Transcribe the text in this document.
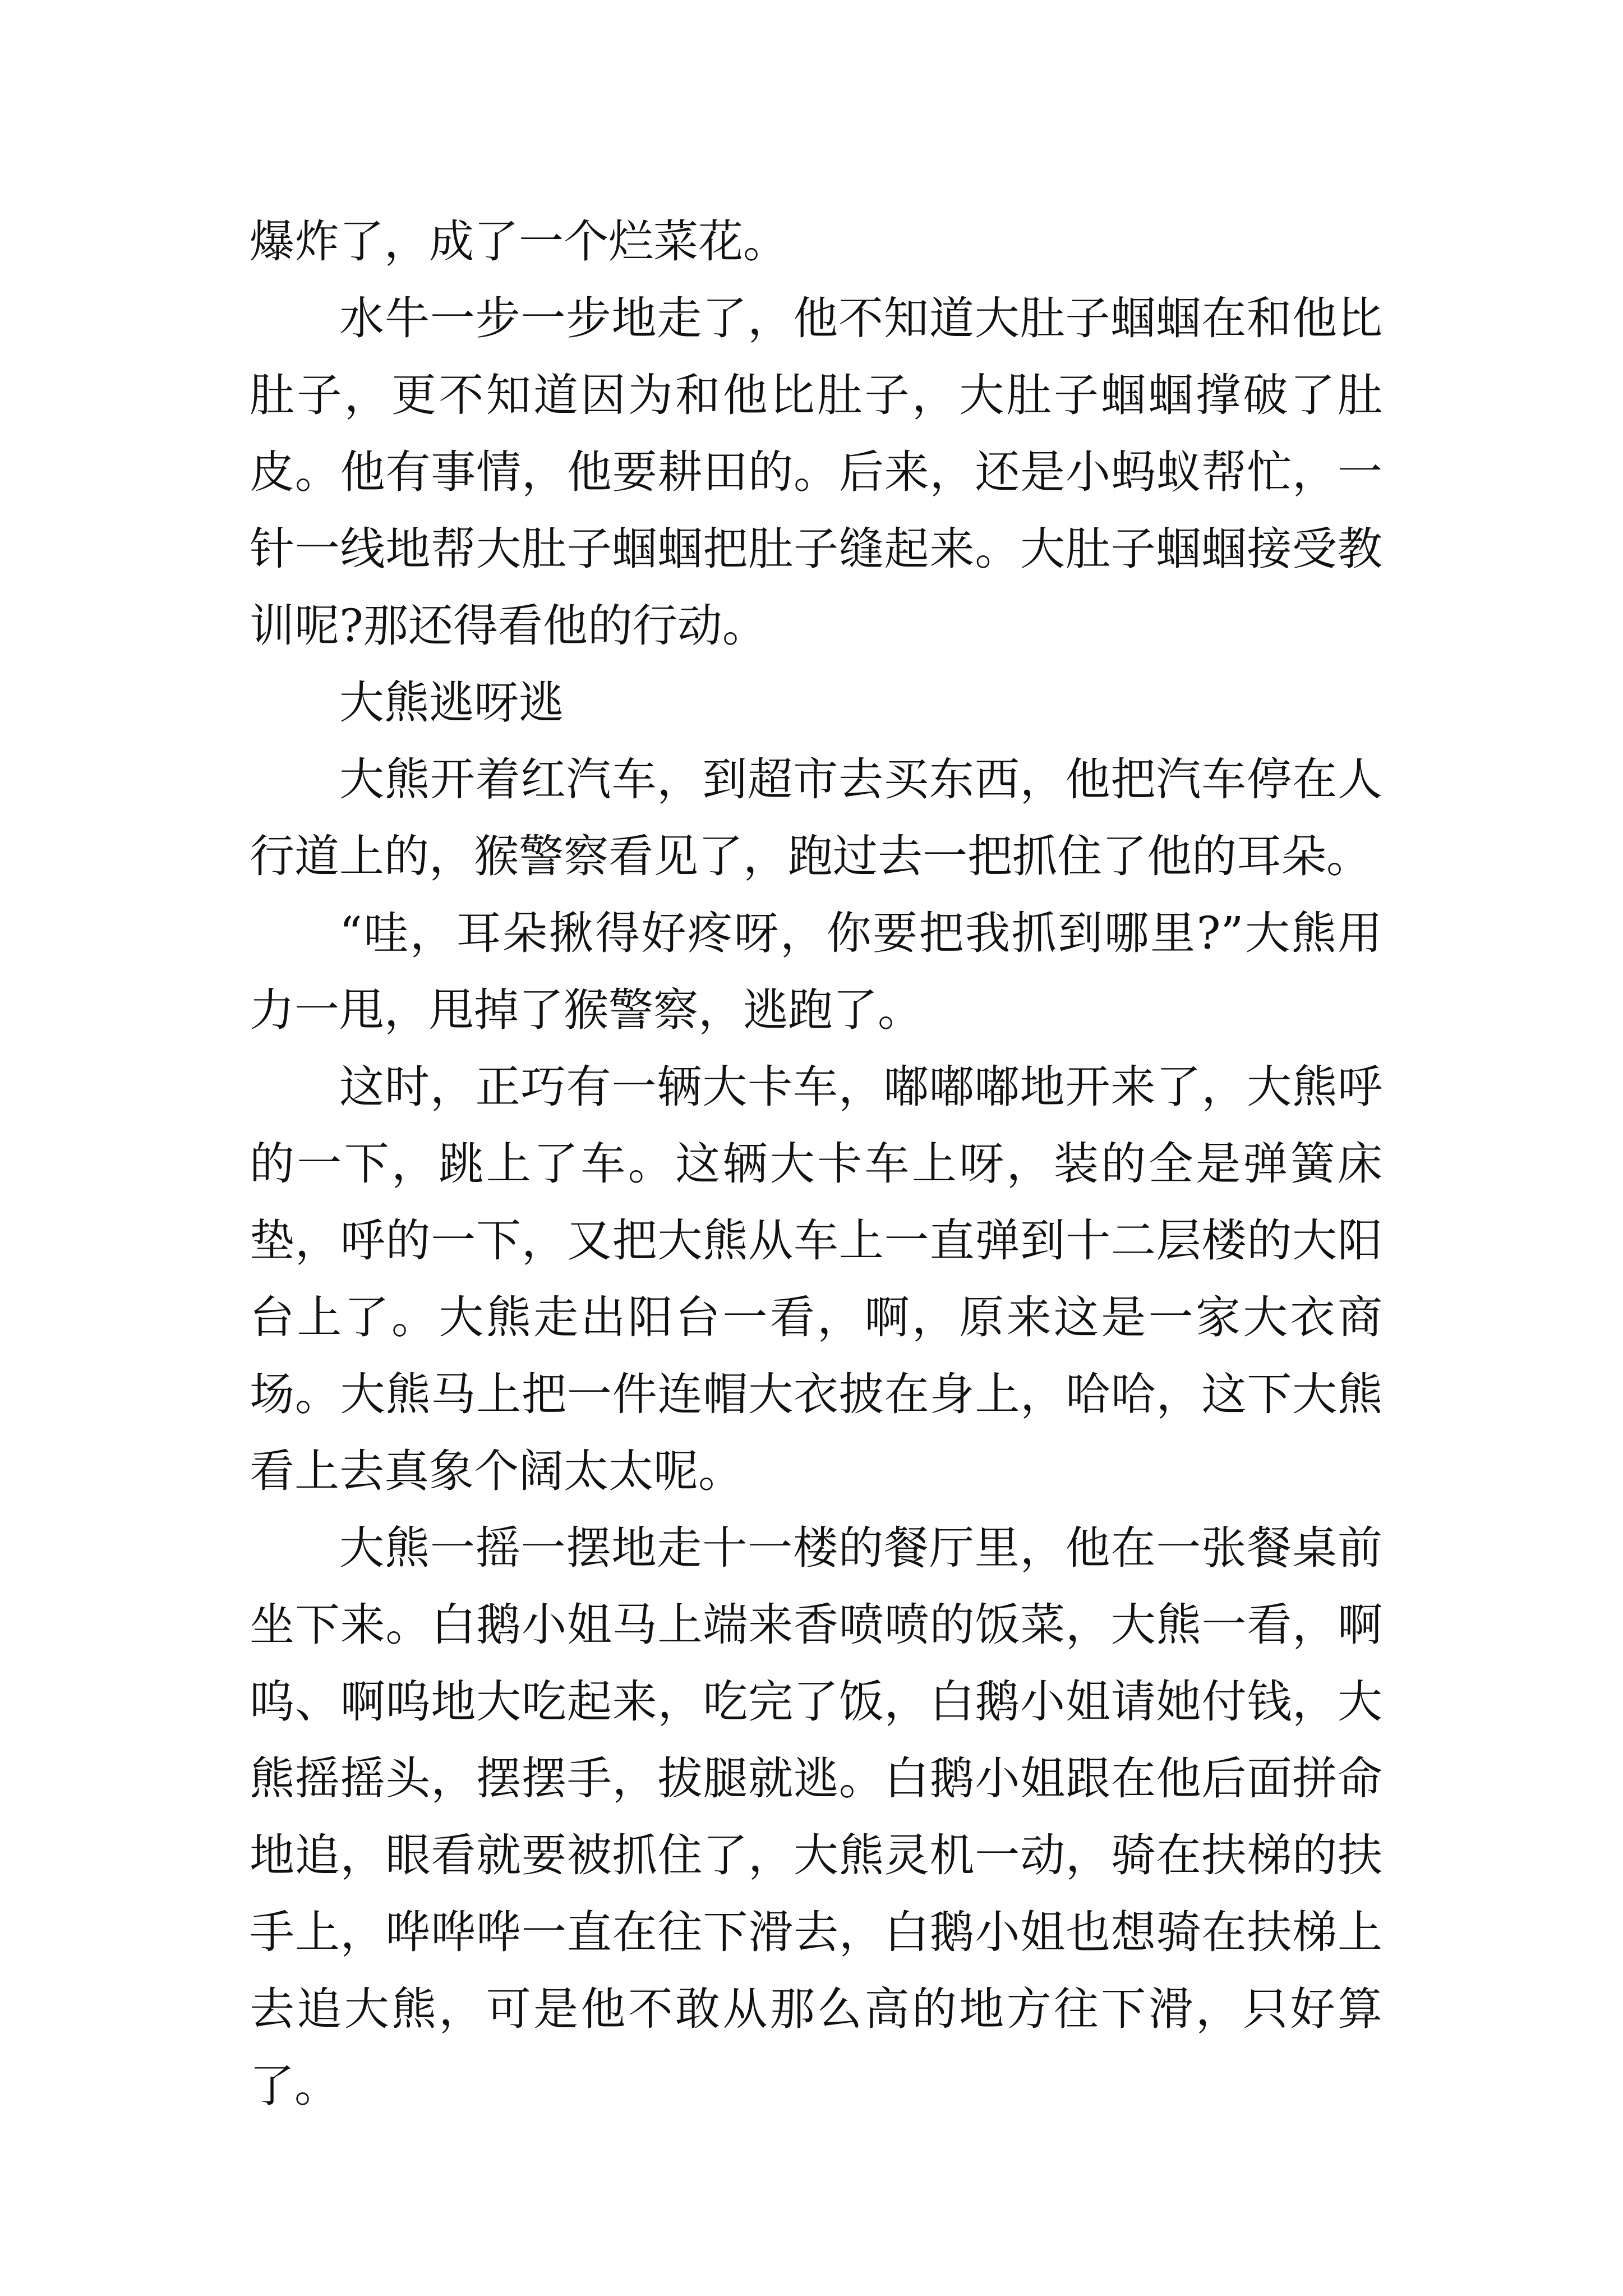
爆炸了，成了一个烂菜花。

水牛一步一步地走了，他不知道大肚子蝈蝈在和他比肚子，更不知道因为和他比肚子，大肚子蝈蝈撑破了肚皮。他有事情，他要耕田的。后来，还是小蚂蚁帮忙，一针一线地帮大肚子蝈蝈把肚子缝起来。大肚子蝈蝈接受教训呢?那还得看他的行动。

大熊逃呀逃

大熊开着红汽车，到超市去买东西，他把汽车停在人行道上的，猴警察看见了，跑过去一把抓住了他的耳朵。

“哇，耳朵揪得好疼呀，你要把我抓到哪里?”大熊用力一甩，甩掉了猴警察，逃跑了。

这时，正巧有一辆大卡车，嘟嘟嘟地开来了，大熊呼的一下，跳上了车。这辆大卡车上呀，装的全是弹簧床垫，呼的一下，又把大熊从车上一直弹到十二层楼的大阳台上了。大熊走出阳台一看，啊，原来这是一家大衣商场。大熊马上把一件连帽大衣披在身上，哈哈，这下大熊看上去真象个阔太太呢。

大熊一摇一摆地走十一楼的餐厅里，他在一张餐桌前坐下来。白鹅小姐马上端来香喷喷的饭菜，大熊一看，啊呜、啊呜地大吃起来，吃完了饭，白鹅小姐请她付钱，大熊摇摇头，摆摆手，拔腿就逃。白鹅小姐跟在他后面拼命地追，眼看就要被抓住了，大熊灵机一动，骑在扶梯的扶手上，哗哗哗一直在往下滑去，白鹅小姐也想骑在扶梯上去追大熊，可是他不敢从那么高的地方往下滑，只好算了。
